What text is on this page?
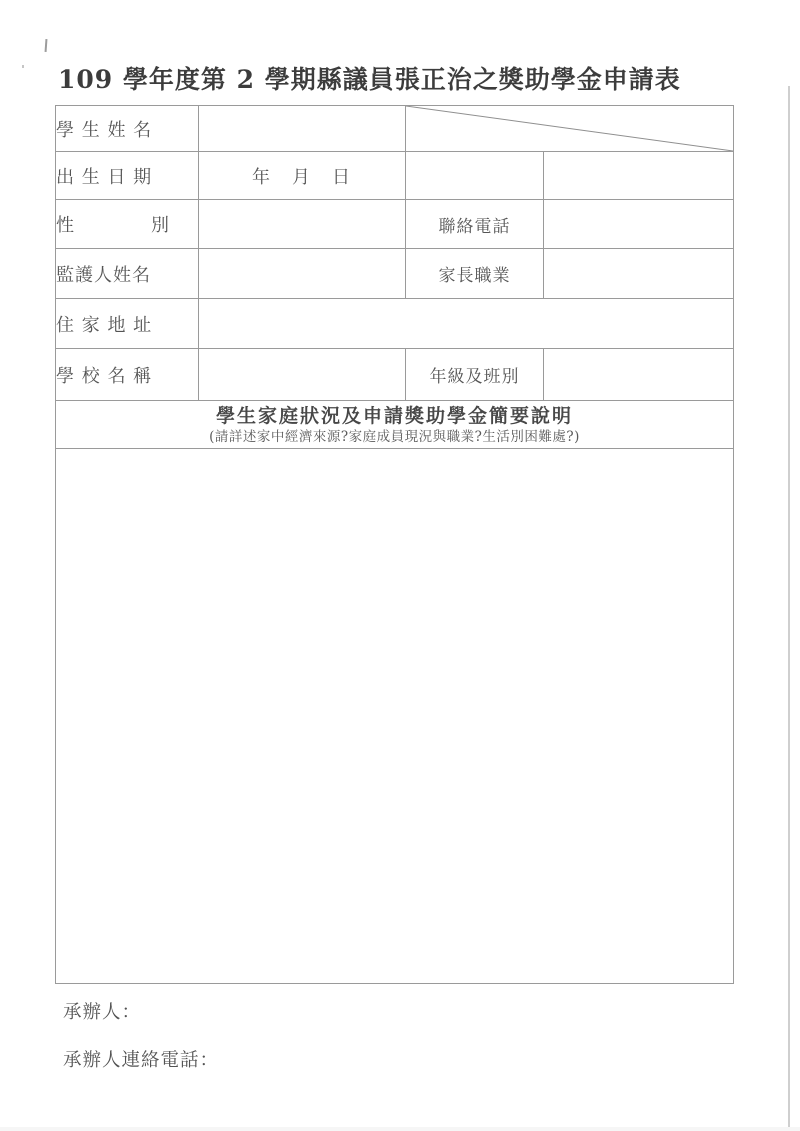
109 學年度第 2 學期縣議員張正治之獎助學金申請表
學 生 姓 名		

出 生 日 期	年　月　日		
性　　　　別		聯絡電話	
監護人姓名		家長職業	
住 家 地 址			
學 校 名 稱		年級及班別	

學生家庭狀況及申請獎助學金簡要說明
(請詳述家中經濟來源?家庭成員現況與職業?生活別困難處?)			

承辦人：
承辦人連絡電話：
